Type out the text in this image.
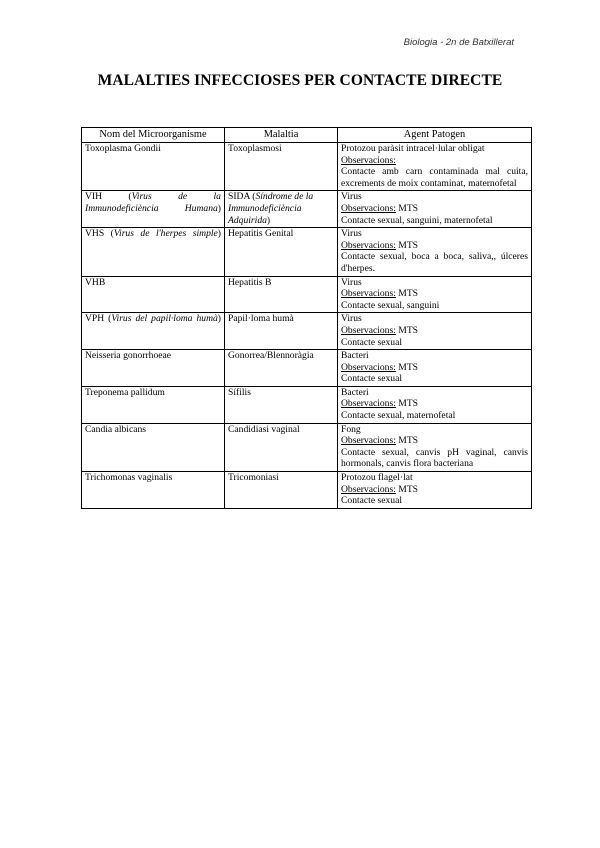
Biologia - 2n de Batxillerat
MALALTIES INFECCIOSES PER CONTACTE DIRECTE
Nom del Microorganisme	Malaltia	Agent Patogen
Toxoplasma Gondii	Toxoplasmosi	Protozou paràsit intracel·lular obligat
Observacions:
Contacte amb carn contaminada mal cuita, excrements de moix contaminat, maternofetal

VIH (Virus de la Immunodeficiència Humana)	SIDA (Síndrome de la Immunodeficiència Adquirida)	Virus
Observacions: MTS
Contacte sexual, sanguini, maternofetal

VHS (Virus de l'herpes simple)	Hepatitis Genital	Virus
Observacions: MTS
Contacte sexual, boca a boca, saliva,, úlceres d'herpes.

VHB	Hepatitis B	Virus
Observacions: MTS
Contacte sexual, sanguini

VPH (Virus del papil·loma humà)	Papil·loma humà	Virus
Observacions: MTS
Contacte sexual

Neisseria gonorrhoeae	Gonorrea/Blennoràgia	Bacteri
Observacions: MTS
Contacte sexual

Treponema pallidum	Sífilis	Bacteri
Observacions: MTS
Contacte sexual, maternofetal

Candia albicans	Candidiasi vaginal	Fong
Observacions: MTS
Contacte sexual, canvis pH vaginal, canvis hormonals, canvis flora bacteriana

Trichomonas vaginalis	Tricomoniasi	Protozou flagel·lat
Observacions: MTS
Contacte sexual
